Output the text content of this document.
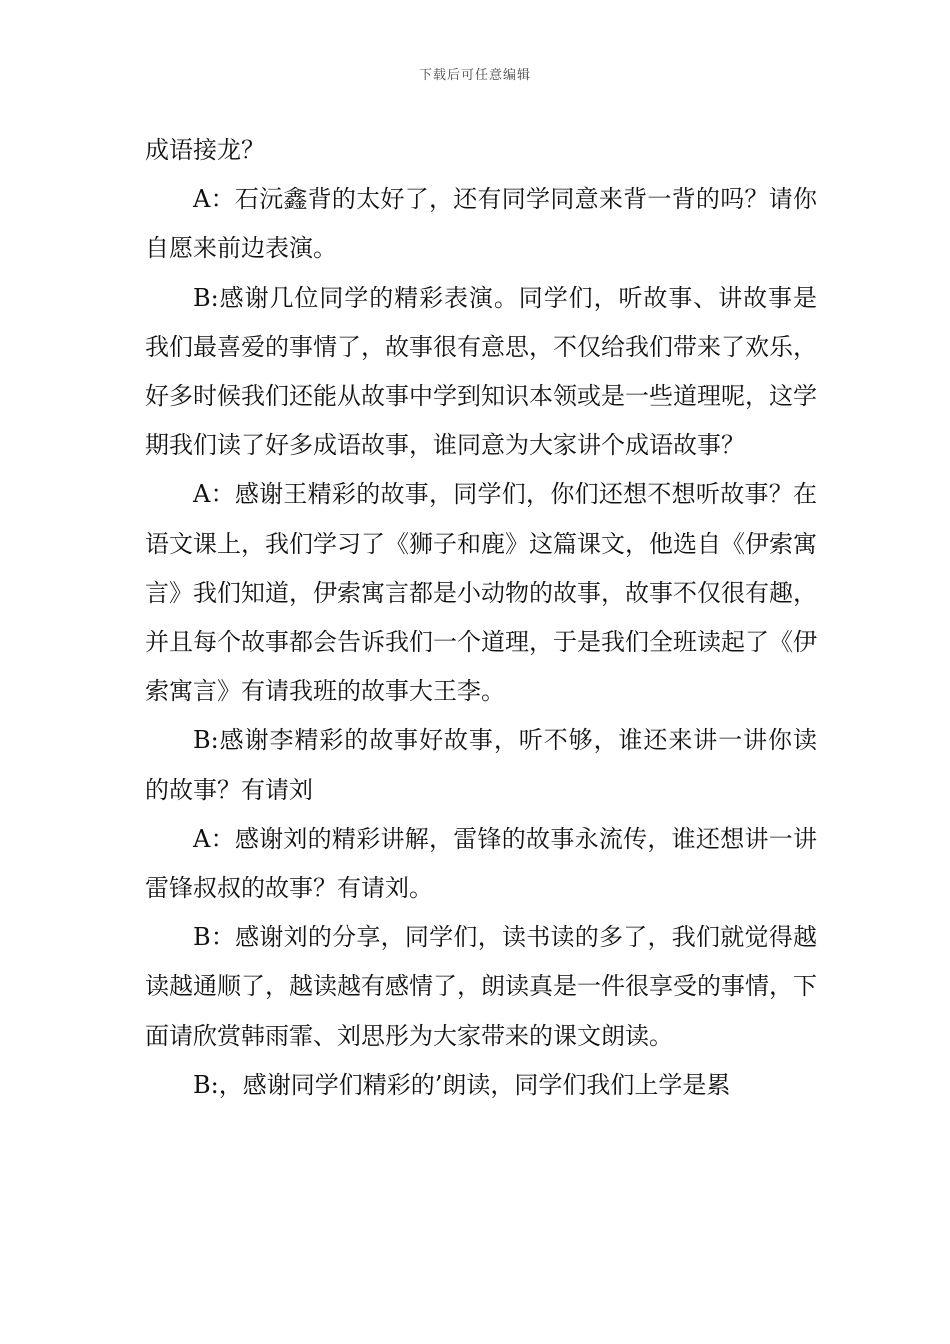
下载后可任意编辑

成语接龙？

A：石沅鑫背的太好了，还有同学同意来背一背的吗？请你自愿来前边表演。

B:感谢几位同学的精彩表演。同学们，听故事、讲故事是我们最喜爱的事情了，故事很有意思，不仅给我们带来了欢乐，好多时候我们还能从故事中学到知识本领或是一些道理呢，这学期我们读了好多成语故事，谁同意为大家讲个成语故事？

A：感谢王精彩的故事，同学们，你们还想不想听故事？在语文课上，我们学习了《狮子和鹿》这篇课文，他选自《伊索寓言》我们知道，伊索寓言都是小动物的故事，故事不仅很有趣，并且每个故事都会告诉我们一个道理，于是我们全班读起了《伊索寓言》有请我班的故事大王李。

B:感谢李精彩的故事好故事，听不够，谁还来讲一讲你读的故事？有请刘

A：感谢刘的精彩讲解，雷锋的故事永流传，谁还想讲一讲雷锋叔叔的故事？有请刘。

B：感谢刘的分享，同学们，读书读的多了，我们就觉得越读越通顺了，越读越有感情了，朗读真是一件很享受的事情，下面请欣赏韩雨霏、刘思彤为大家带来的课文朗读。

B:，感谢同学们精彩的’朗读，同学们我们上学是累
